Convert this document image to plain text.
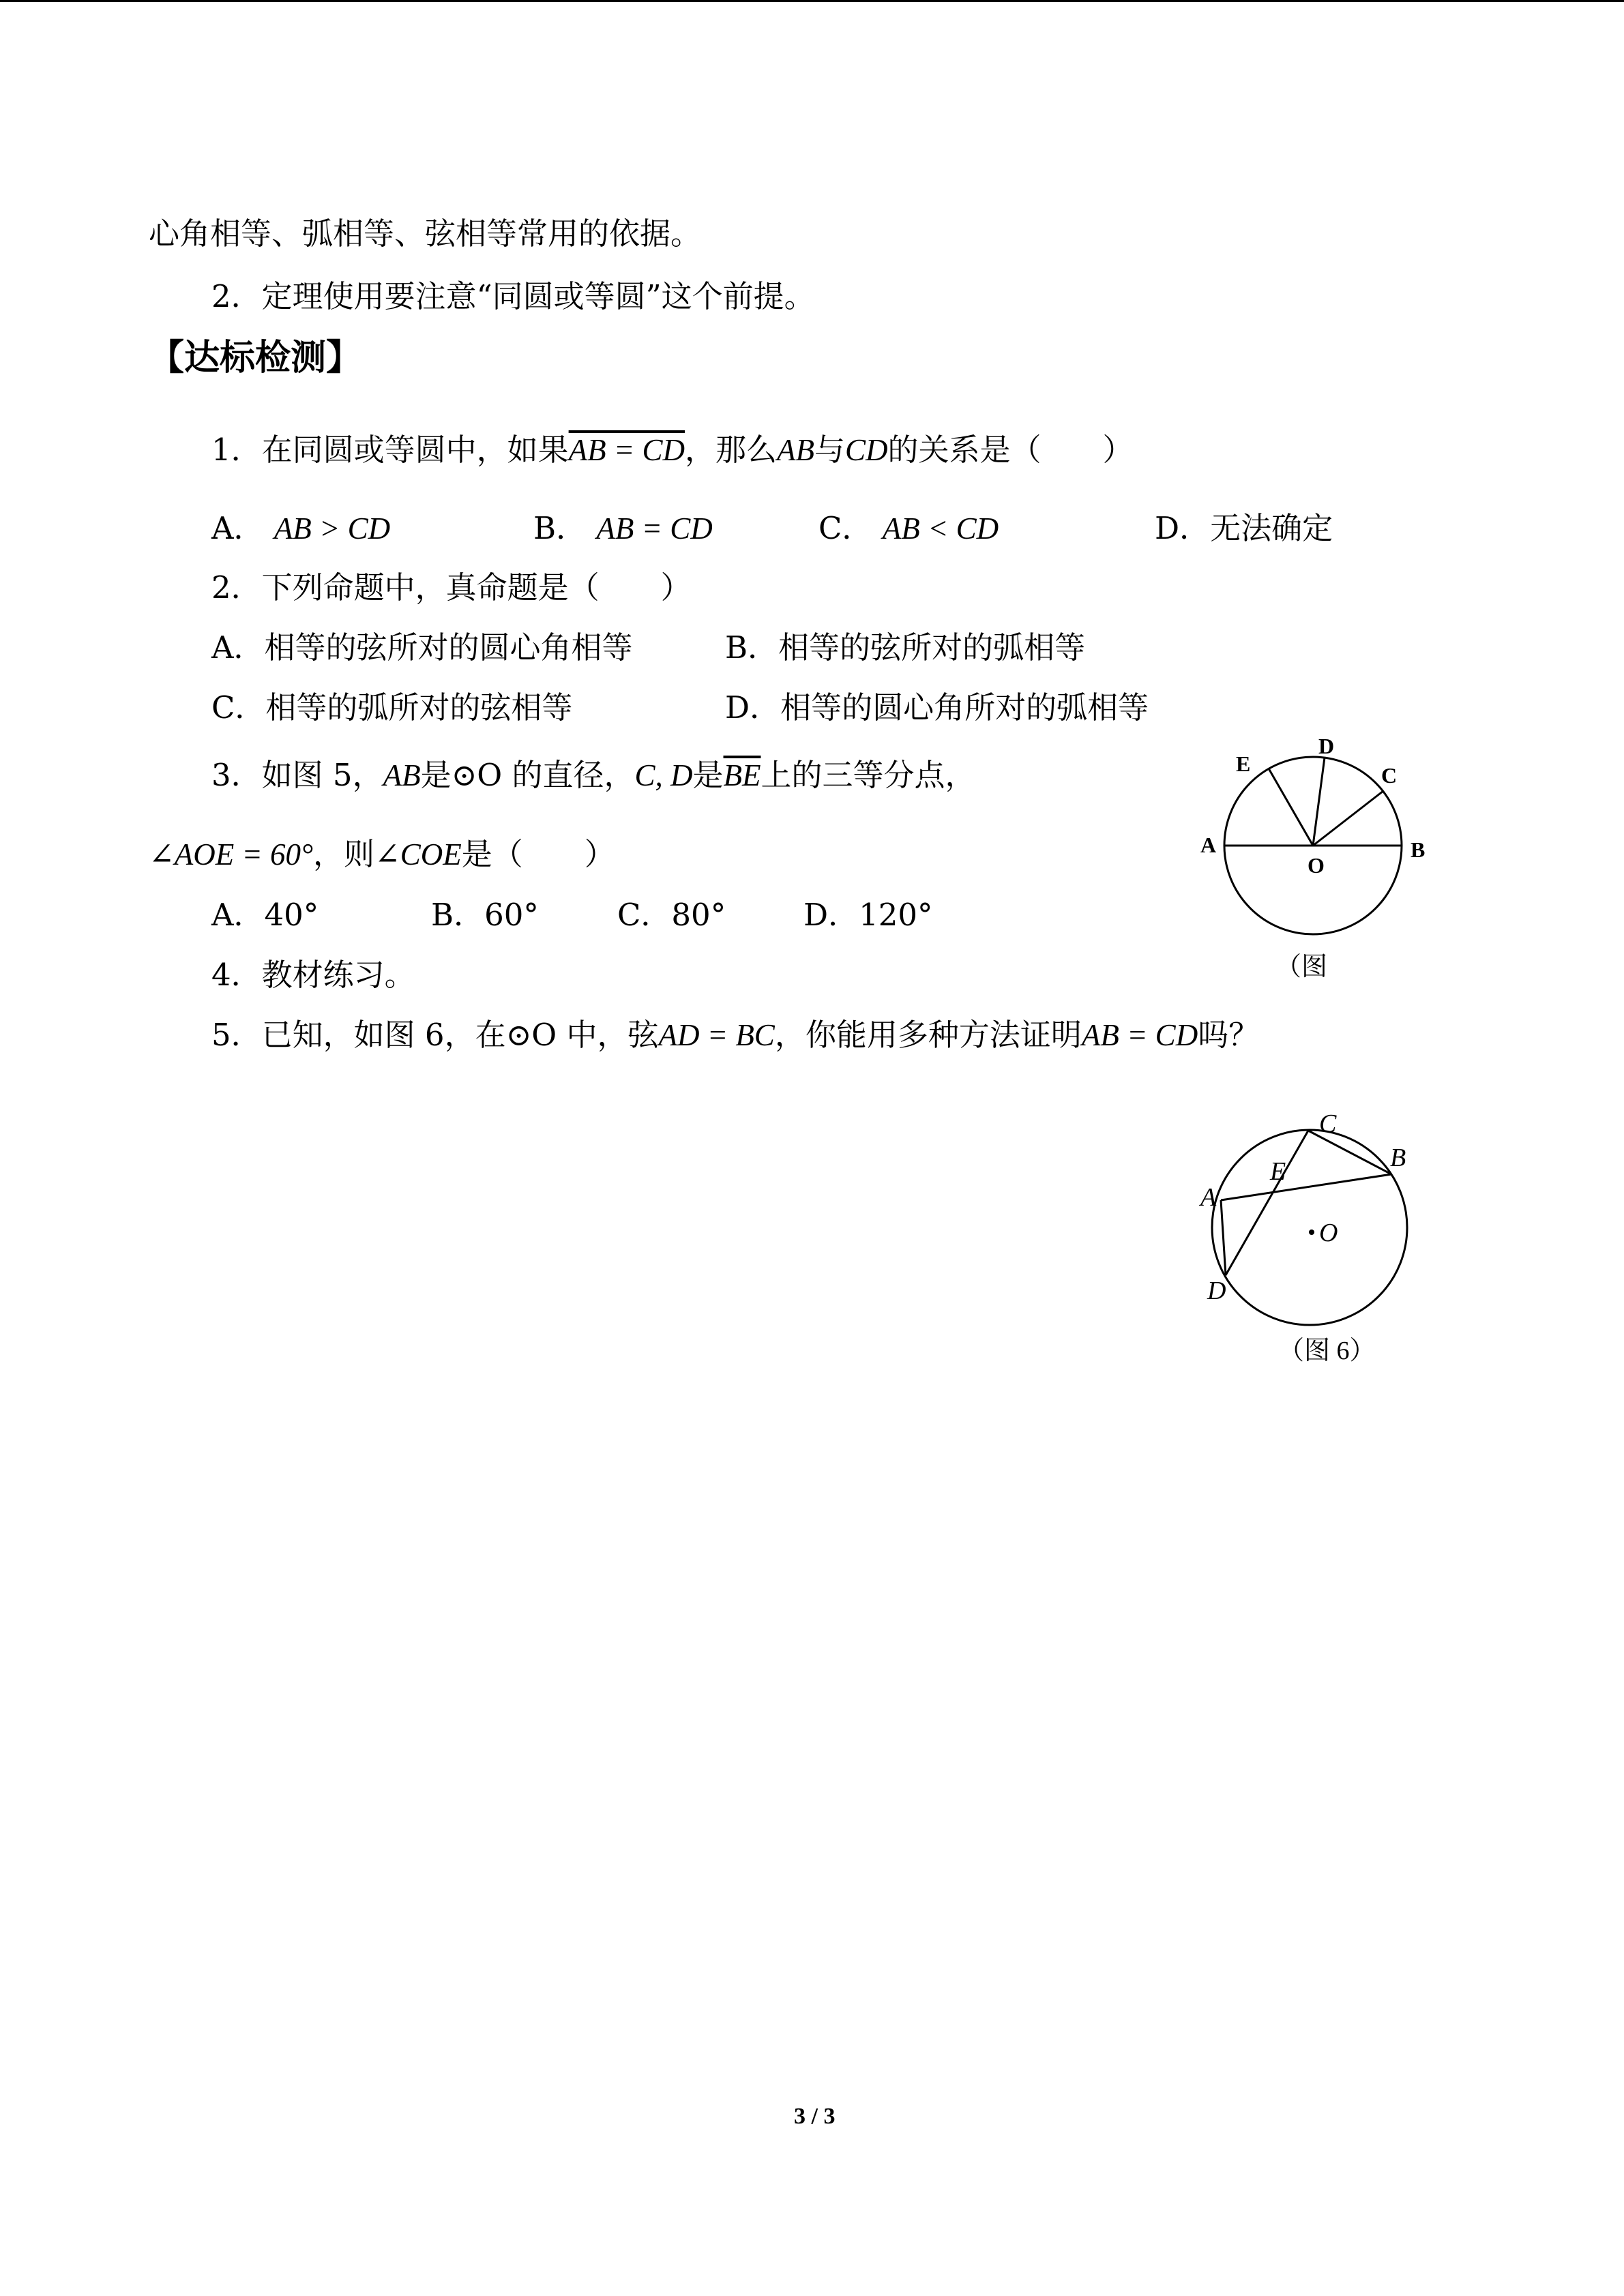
心角相等、弧相等、弦相等常用的依据。
2．定理使用要注意“同圆或等圆”这个前提。
【达标检测】
1．在同圆或等圆中，如果AB = CD，那么AB与CD的关系是（　　）
A． AB > CD	B． AB = CD	C． AB < CD	D．无法确定
2．下列命题中，真命题是（　　）
A．相等的弦所对的圆心角相等	B．相等的弦所对的弧相等
C．相等的弧所对的弦相等	D．相等的圆心角所对的弧相等
3．如图 5，AB是⊙O 的直径，C, D是$\overline{BE}$上的三等分点，
∠AOE = 60°，则∠COE是（　　）
A．40°	B．60°	C．80°	D．120°
4．教材练习。
5．已知，如图 6，在⊙O 中，弦AD = BC，你能用多种方法证明AB = CD吗？
A	B
C
D
E
O
（图
A
B
C
D
E
O
（图 6）
3 / 3
